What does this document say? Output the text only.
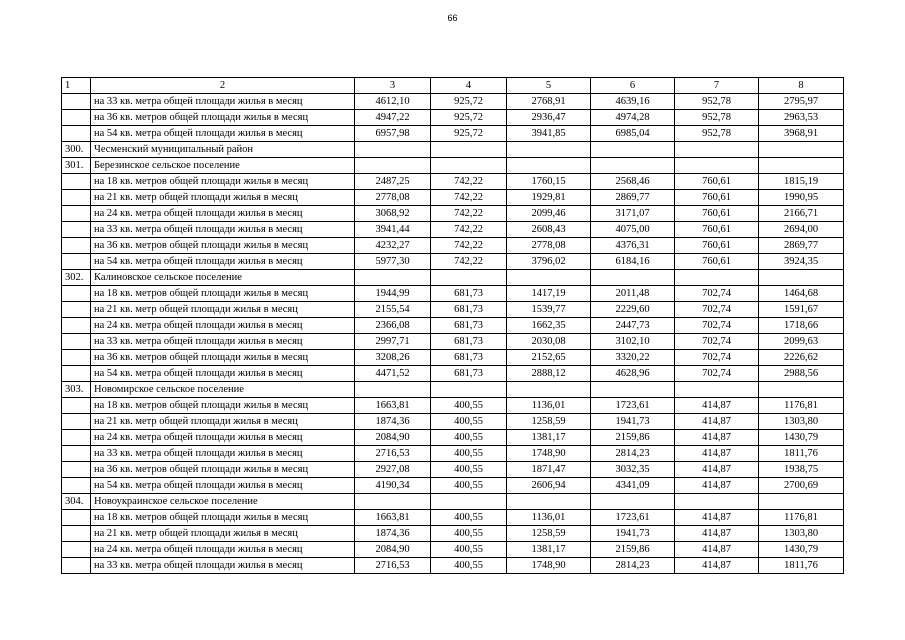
66
1	2	3	4	5	6	7	8
	на 33 кв. метра общей площади жилья в месяц	4612,10	925,72	2768,91	4639,16	952,78	2795,97
	на 36 кв. метров общей площади жилья в месяц	4947,22	925,72	2936,47	4974,28	952,78	2963,53
	на 54 кв. метра общей площади жилья в месяц	6957,98	925,72	3941,85	6985,04	952,78	3968,91
300.	Чесменский муниципальный район						
301.	Березинское сельское поселение						
	на 18 кв. метров общей площади жилья в месяц	2487,25	742,22	1760,15	2568,46	760,61	1815,19
	на 21 кв. метр общей площади жилья в месяц	2778,08	742,22	1929,81	2869,77	760,61	1990,95
	на 24 кв. метра общей площади жилья в месяц	3068,92	742,22	2099,46	3171,07	760,61	2166,71
	на 33 кв. метра общей площади жилья в месяц	3941,44	742,22	2608,43	4075,00	760,61	2694,00
	на 36 кв. метров общей площади жилья в месяц	4232,27	742,22	2778,08	4376,31	760,61	2869,77
	на 54 кв. метра общей площади жилья в месяц	5977,30	742,22	3796,02	6184,16	760,61	3924,35
302.	Калиновское сельское поселение						
	на 18 кв. метров общей площади жилья в месяц	1944,99	681,73	1417,19	2011,48	702,74	1464,68
	на 21 кв. метр общей площади жилья в месяц	2155,54	681,73	1539,77	2229,60	702,74	1591,67
	на 24 кв. метра общей площади жилья в месяц	2366,08	681,73	1662,35	2447,73	702,74	1718,66
	на 33 кв. метра общей площади жилья в месяц	2997,71	681,73	2030,08	3102,10	702,74	2099,63
	на 36 кв. метров общей площади жилья в месяц	3208,26	681,73	2152,65	3320,22	702,74	2226,62
	на 54 кв. метра общей площади жилья в месяц	4471,52	681,73	2888,12	4628,96	702,74	2988,56
303.	Новомирское сельское поселение						
	на 18 кв. метров общей площади жилья в месяц	1663,81	400,55	1136,01	1723,61	414,87	1176,81
	на 21 кв. метр общей площади жилья в месяц	1874,36	400,55	1258,59	1941,73	414,87	1303,80
	на 24 кв. метра общей площади жилья в месяц	2084,90	400,55	1381,17	2159,86	414,87	1430,79
	на 33 кв. метра общей площади жилья в месяц	2716,53	400,55	1748,90	2814,23	414,87	1811,76
	на 36 кв. метров общей площади жилья в месяц	2927,08	400,55	1871,47	3032,35	414,87	1938,75
	на 54 кв. метра общей площади жилья в месяц	4190,34	400,55	2606,94	4341,09	414,87	2700,69
304.	Новоукраинское сельское поселение						
	на 18 кв. метров общей площади жилья в месяц	1663,81	400,55	1136,01	1723,61	414,87	1176,81
	на 21 кв. метр общей площади жилья в месяц	1874,36	400,55	1258,59	1941,73	414,87	1303,80
	на 24 кв. метра общей площади жилья в месяц	2084,90	400,55	1381,17	2159,86	414,87	1430,79
	на 33 кв. метра общей площади жилья в месяц	2716,53	400,55	1748,90	2814,23	414,87	1811,76
